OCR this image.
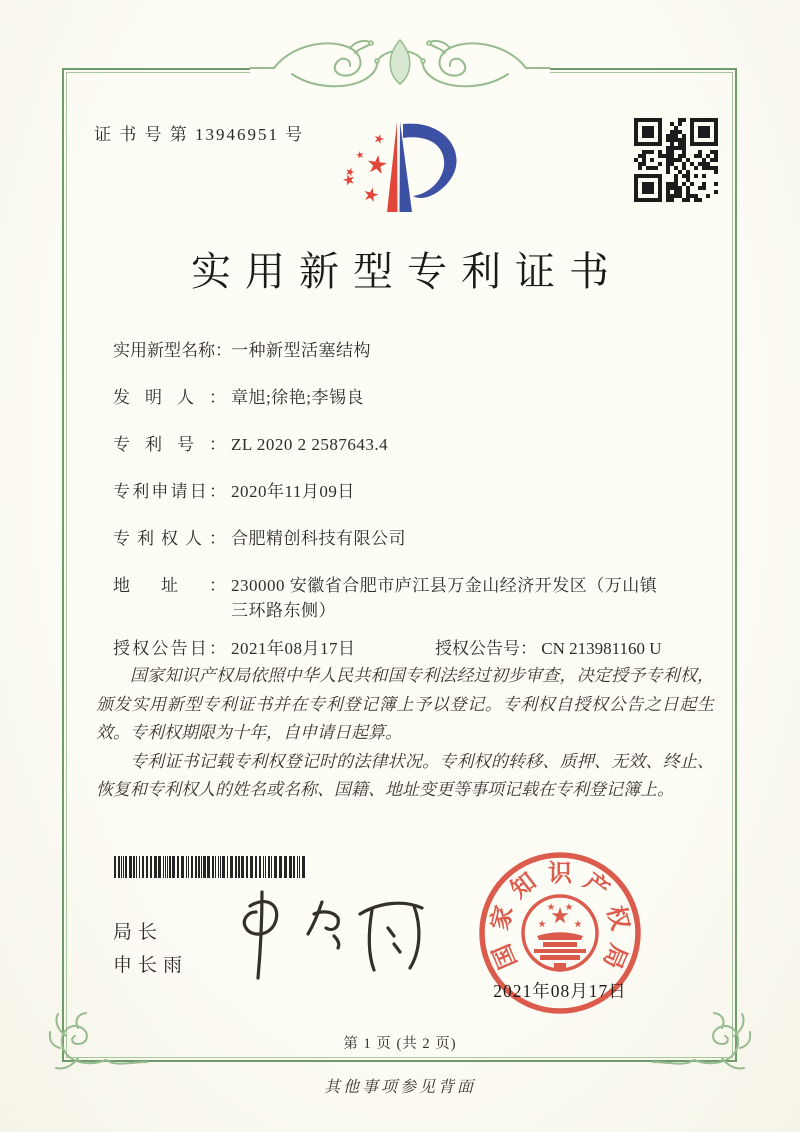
证 书 号 第 13946951 号
实用新型专利证书
实用新型名称：一种新型活塞结构
发明人： 章旭;徐艳;李锡良
专利号： ZL 2020 2 2587643.4
专利申请日： 2020年11月09日
专利权人： 合肥精创科技有限公司
地址： 230000 安徽省合肥市庐江县万金山经济开发区（万山镇三环路东侧）
授权公告日： 2021年08月17日	授权公告号： CN 213981160 U

国家知识产权局依照中华人民共和国专利法经过初步审查，决定授予专利权，颁发实用新型专利证书并在专利登记簿上予以登记。专利权自授权公告之日起生效。专利权期限为十年，自申请日起算。

专利证书记载专利权登记时的法律状况。专利权的转移、质押、无效、终止、恢复和专利权人的姓名或名称、国籍、地址变更等事项记载在专利登记簿上。

局长
申长雨	国
家
知 识 产
权
局
2021年08月17日
第 1 页 (共 2 页)
其他事项参见背面
